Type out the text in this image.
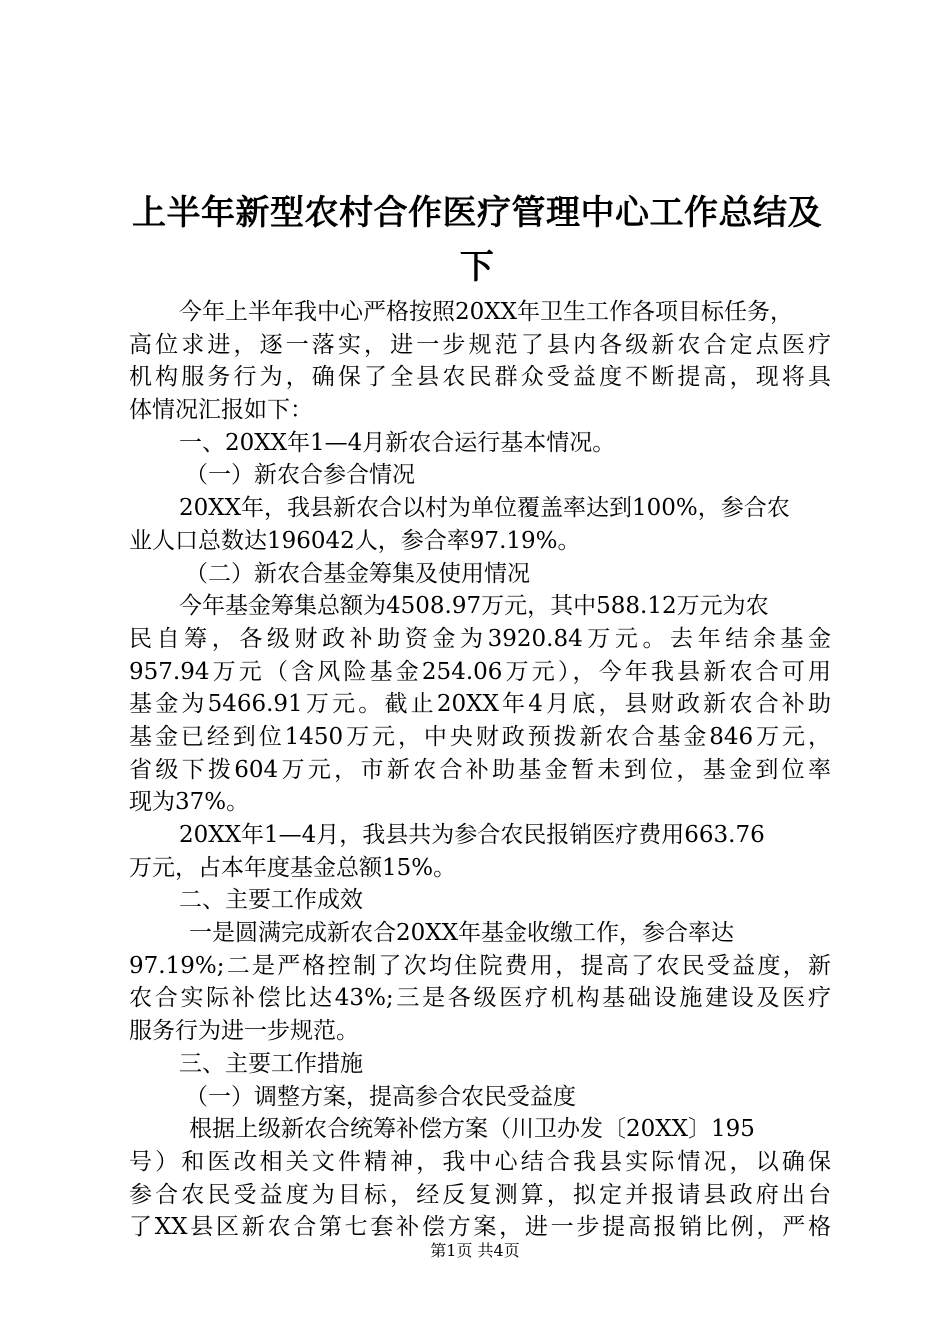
上半年新型农村合作医疗管理中心工作总结及
下
今年上半年我中心严格按照20XX年卫生工作各项目标任务，
高位求进，逐一落实，进一步规范了县内各级新农合定点医疗
机构服务行为，确保了全县农民群众受益度不断提高，现将具
体情况汇报如下：
一、20XX年1—4月新农合运行基本情况。
（一）新农合参合情况
20XX年，我县新农合以村为单位覆盖率达到100%，参合农
业人口总数达196042人，参合率97.19%。
（二）新农合基金筹集及使用情况
今年基金筹集总额为4508.97万元，其中588.12万元为农
民自筹，各级财政补助资金为3920.84万元。去年结余基金
957.94万元（含风险基金254.06万元），今年我县新农合可用
基金为5466.91万元。截止20XX年4月底，县财政新农合补助
基金已经到位1450万元，中央财政预拨新农合基金846万元，
省级下拨604万元，市新农合补助基金暂未到位，基金到位率
现为37%。
20XX年1—4月，我县共为参合农民报销医疗费用663.76
万元，占本年度基金总额15%。
二、主要工作成效
一是圆满完成新农合20XX年基金收缴工作，参合率达
97.19%;二是严格控制了次均住院费用，提高了农民受益度，新
农合实际补偿比达43%;三是各级医疗机构基础设施建设及医疗
服务行为进一步规范。
三、主要工作措施
（一）调整方案，提高参合农民受益度
根据上级新农合统筹补偿方案（川卫办发〔20XX〕195
号）和医改相关文件精神，我中心结合我县实际情况，以确保
参合农民受益度为目标，经反复测算，拟定并报请县政府出台
了XX县区新农合第七套补偿方案，进一步提高报销比例，严格
第1页 共4页
